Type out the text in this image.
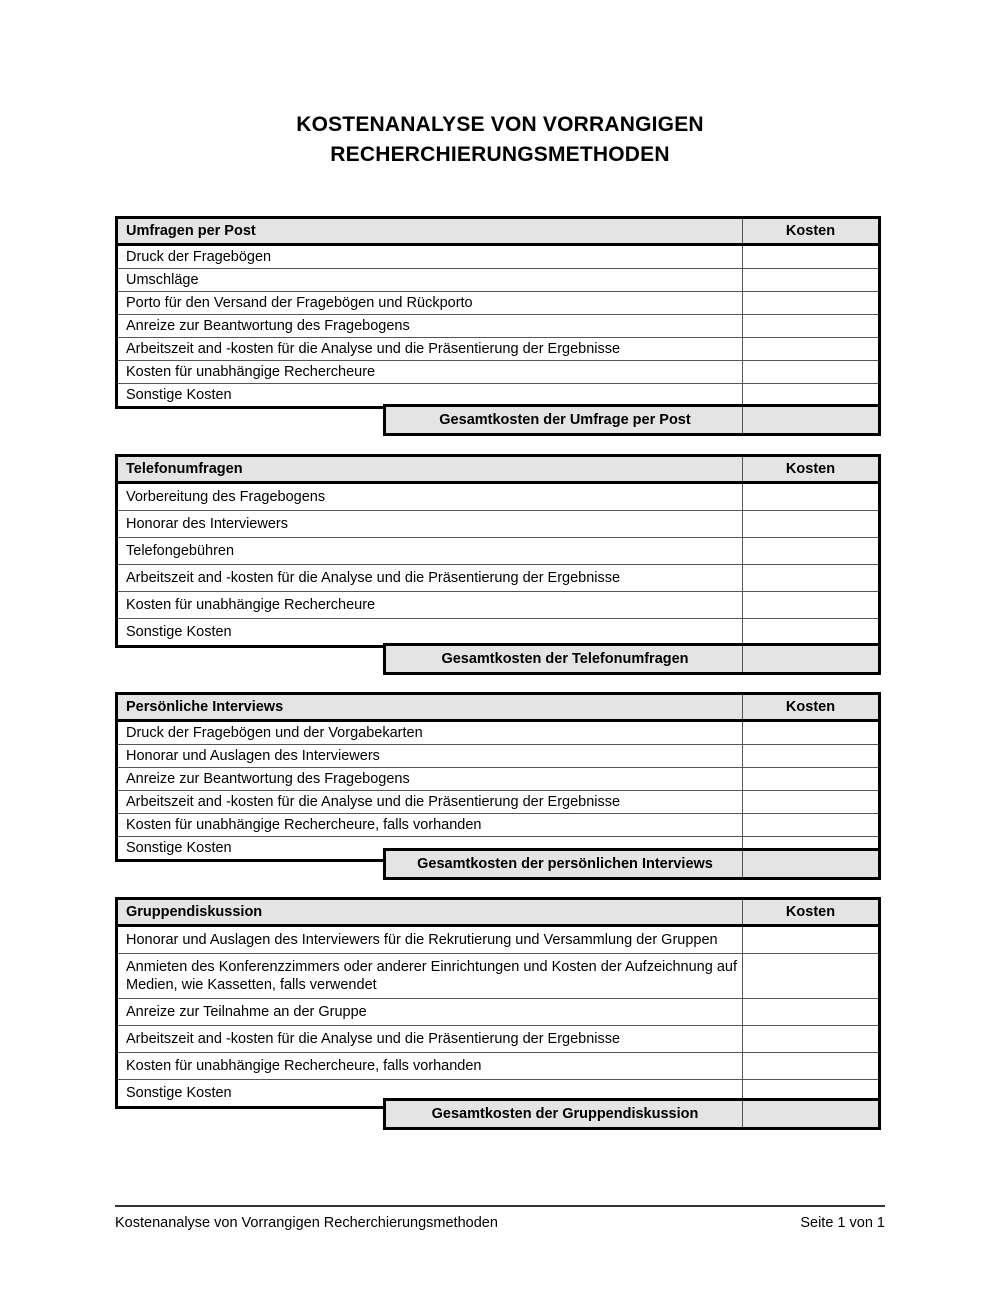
KOSTENANALYSE VON VORRANGIGEN
RECHERCHIERUNGSMETHODEN
Umfragen per Post	Kosten
Druck der Fragebögen
Umschläge
Porto für den Versand der Fragebögen und Rückporto
Anreize zur Beantwortung des Fragebogens
Arbeitszeit and -kosten für die Analyse und die Präsentierung der Ergebnisse
Kosten für unabhängige Rechercheure
Sonstige Kosten
Gesamtkosten der Umfrage per Post
Telefonumfragen	Kosten
Vorbereitung des Fragebogens
Honorar des Interviewers
Telefongebühren
Arbeitszeit and -kosten für die Analyse und die Präsentierung der Ergebnisse
Kosten für unabhängige Rechercheure
Sonstige Kosten
Gesamtkosten der Telefonumfragen
Persönliche Interviews	Kosten
Druck der Fragebögen und der Vorgabekarten
Honorar und Auslagen des Interviewers
Anreize zur Beantwortung des Fragebogens
Arbeitszeit and -kosten für die Analyse und die Präsentierung der Ergebnisse
Kosten für unabhängige Rechercheure, falls vorhanden
Sonstige Kosten
Gesamtkosten der persönlichen Interviews
Gruppendiskussion	Kosten
Honorar und Auslagen des Interviewers für die Rekrutierung und Versammlung der Gruppen
Anmieten des Konferenzzimmers oder anderer Einrichtungen und Kosten der Aufzeichnung auf Medien, wie Kassetten, falls verwendet
Anreize zur Teilnahme an der Gruppe
Arbeitszeit and -kosten für die Analyse und die Präsentierung der Ergebnisse
Kosten für unabhängige Rechercheure, falls vorhanden
Sonstige Kosten
Gesamtkosten der Gruppendiskussion
Kostenanalyse von Vorrangigen Recherchierungsmethoden	Seite 1 von 1
